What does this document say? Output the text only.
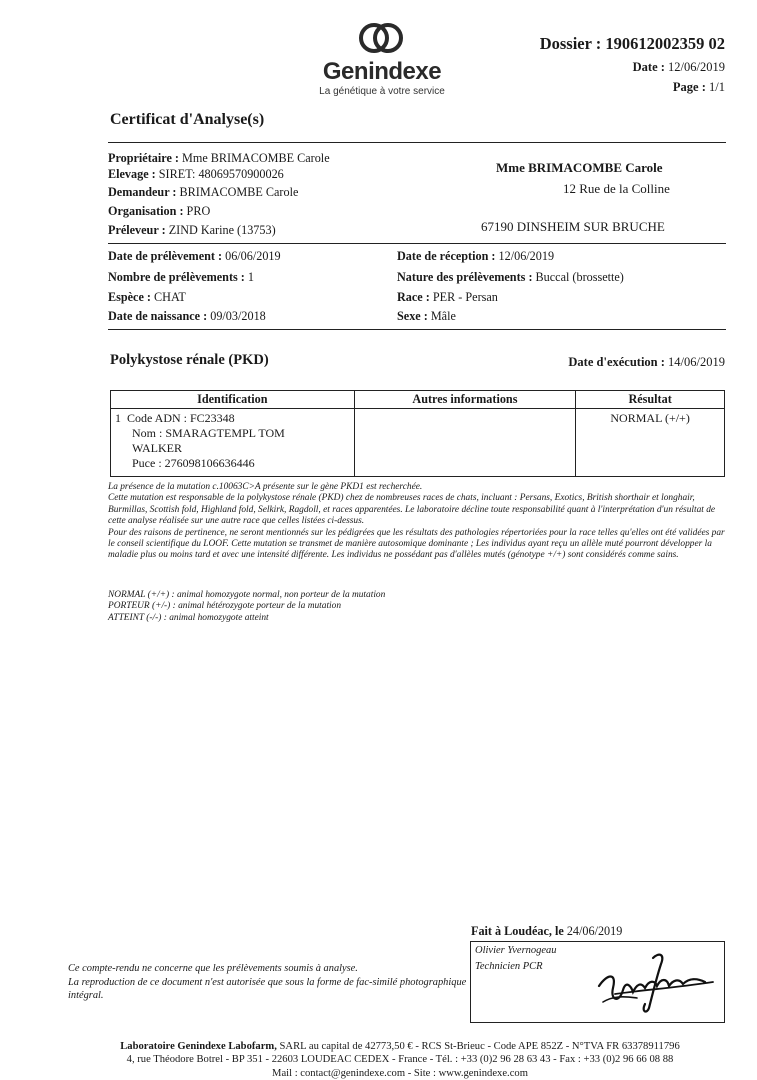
Genindexe
La génétique à votre service
Dossier : 190612002359 02
Date : 12/06/2019
Page : 1/1
Certificat d'Analyse(s)
Propriétaire : Mme BRIMACOMBE Carole
Elevage : SIRET: 48069570900026
Demandeur : BRIMACOMBE Carole
Organisation : PRO
Préleveur : ZIND Karine (13753)
Mme BRIMACOMBE Carole
12 Rue de la Colline
67190 DINSHEIM SUR BRUCHE
Date de prélèvement : 06/06/2019
Nombre de prélèvements : 1
Espèce : CHAT
Date de naissance : 09/03/2018
Date de réception : 12/06/2019
Nature des prélèvements : Buccal (brossette)
Race : PER - Persan
Sexe : Mâle
Polykystose rénale (PKD)	Date d'exécution : 14/06/2019
Identification	Autres informations	Résultat

1 Code ADN : FC23348
Nom : SMARAGTEMPL TOM
WALKER
Puce : 276098106636446		NORMAL (+/+)

La présence de la mutation c.10063C>A présente sur le gène PKD1 est recherchée.

Cette mutation est responsable de la polykystose rénale (PKD) chez de nombreuses races de chats, incluant : Persans, Exotics, British shorthair et longhair, Burmillas, Scottish fold, Highland fold, Selkirk, Ragdoll, et races apparentées. Le laboratoire décline toute responsabilité quant à l'interprétation d'un résultat de cette analyse réalisée sur une autre race que celles listées ci-dessus.

Pour des raisons de pertinence, ne seront mentionnés sur les pédigrées que les résultats des pathologies répertoriées pour la race telles qu'elles ont été validées par le conseil scientifique du LOOF. Cette mutation se transmet de manière autosomique dominante ; Les individus ayant reçu un allèle muté pourront développer la maladie plus ou moins tard et avec une intensité différente. Les individus ne possédant pas d'allèles mutés (génotype +/+) sont considérés comme sains.

NORMAL (+/+) : animal homozygote normal, non porteur de la mutation

PORTEUR (+/-) : animal hétérozygote porteur de la mutation

ATTEINT (-/-) : animal homozygote atteint

Fait à Loudéac, le 24/06/2019
Olivier Yvernogeau
Technicien PCR

Ce compte-rendu ne concerne que les prélèvements soumis à analyse.

La reproduction de ce document n'est autorisée que sous la forme de fac-similé photographique intégral.

Laboratoire Genindexe Labofarm, SARL au capital de 42773,50 € - RCS St-Brieuc - Code APE 852Z - N°TVA FR 63378911796

4, rue Théodore Botrel - BP 351 - 22603 LOUDEAC CEDEX - France - Tél. : +33 (0)2 96 28 63 43 - Fax : +33 (0)2 96 66 08 88

Mail : contact@genindexe.com - Site : www.genindexe.com
